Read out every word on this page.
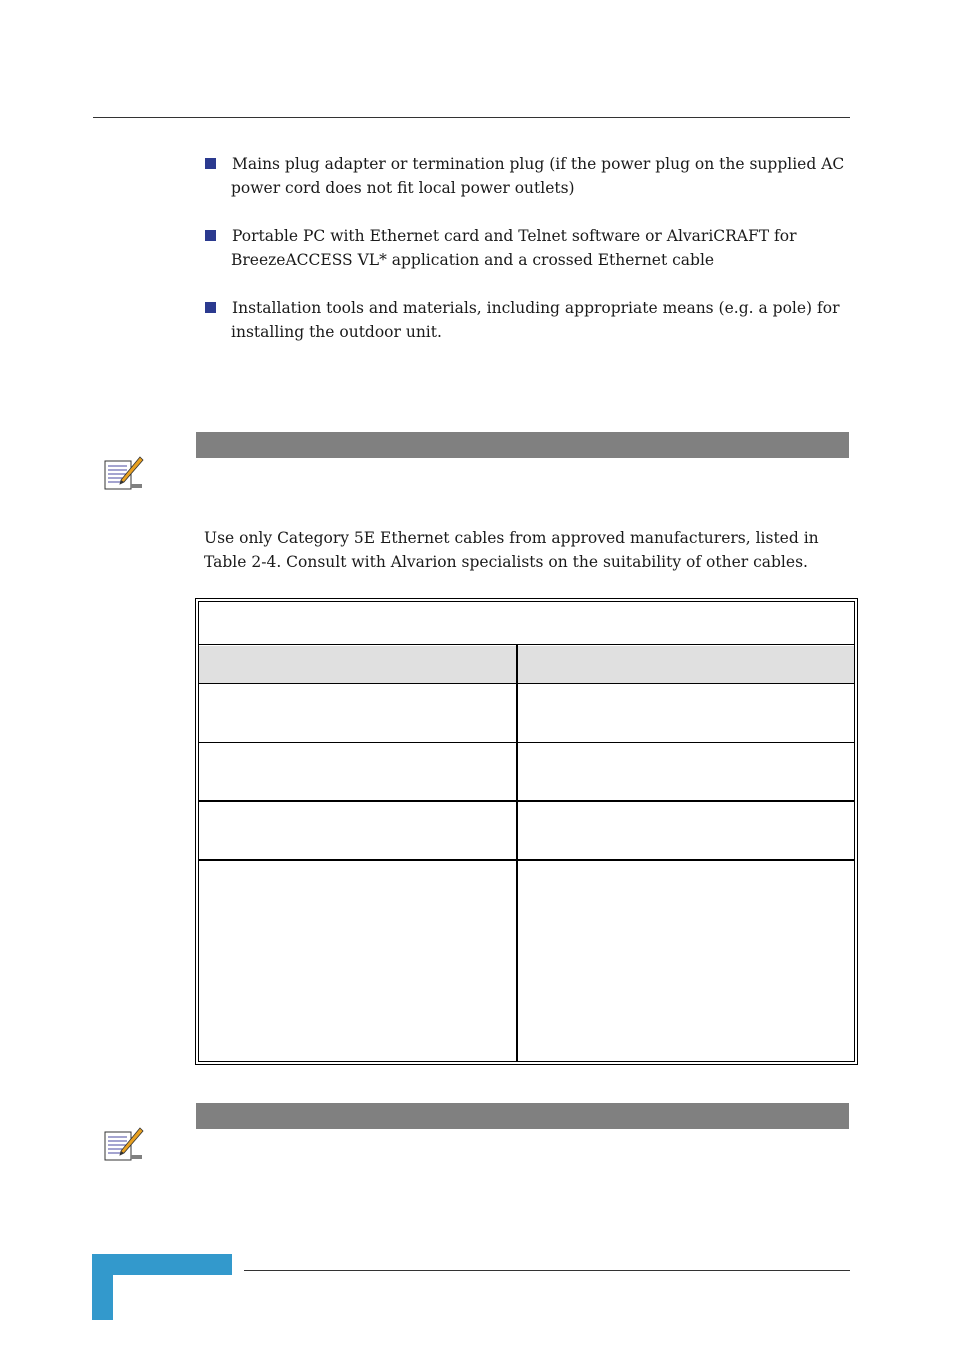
Mains plug adapter or termination plug (if the power plug on the supplied AC
power cord does not fit local power outlets)
Portable PC with Ethernet card and Telnet software or AlvariCRAFT for
BreezeACCESS VL* application and a crossed Ethernet cable
Installation tools and materials, including appropriate means (e.g. a pole) for
installing the outdoor unit.
Use only Category 5E Ethernet cables from approved manufacturers, listed in
Table 2-4. Consult with Alvarion specialists on the suitability of other cables.
